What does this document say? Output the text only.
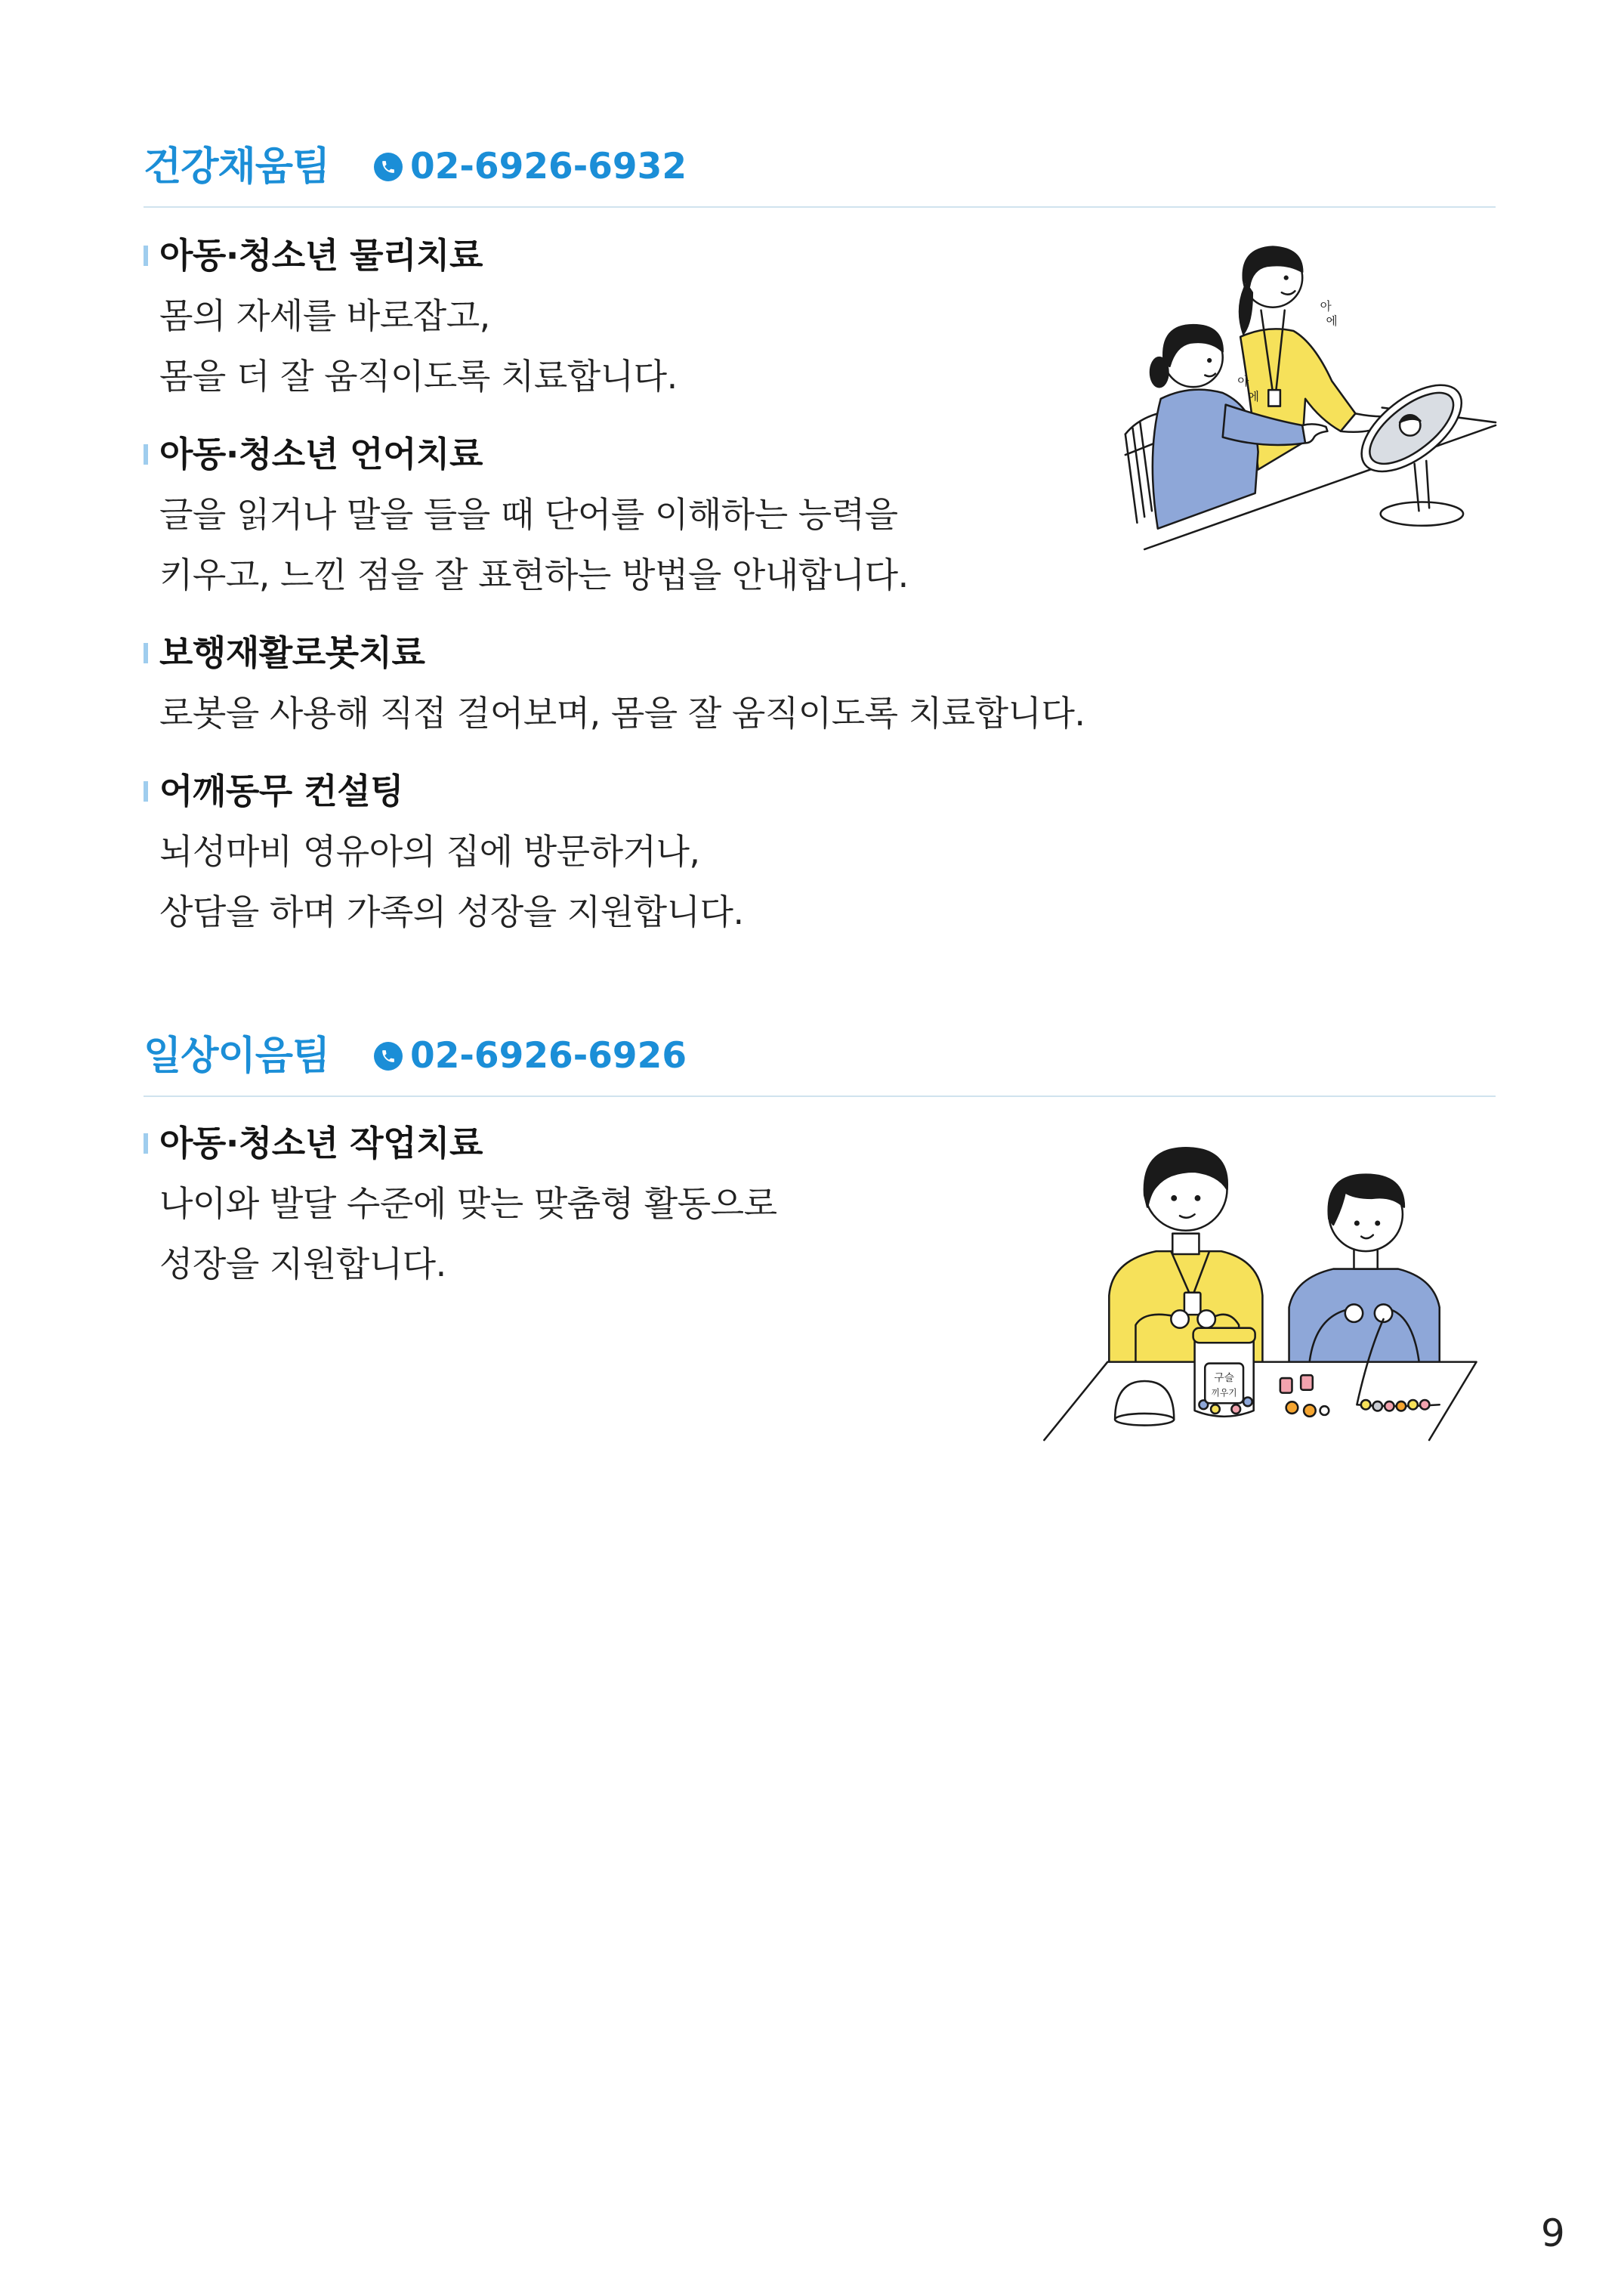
건강채움팀 02-6926-6932
아동·청소년 물리치료
몸의 자세를 바로잡고,
몸을 더 잘 움직이도록 치료합니다.
아동·청소년 언어치료
글을 읽거나 말을 들을 때 단어를 이해하는 능력을
키우고, 느낀 점을 잘 표현하는 방법을 안내합니다.
보행재활로봇치료
로봇을 사용해 직접 걸어보며, 몸을 잘 움직이도록 치료합니다.
어깨동무 컨설팅
뇌성마비 영유아의 집에 방문하거나,
상담을 하며 가족의 성장을 지원합니다.
아
에
아
에
일상이음팀 02-6926-6926
아동·청소년 작업치료
나이와 발달 수준에 맞는 맞춤형 활동으로
성장을 지원합니다.
구슬
끼우기
9
